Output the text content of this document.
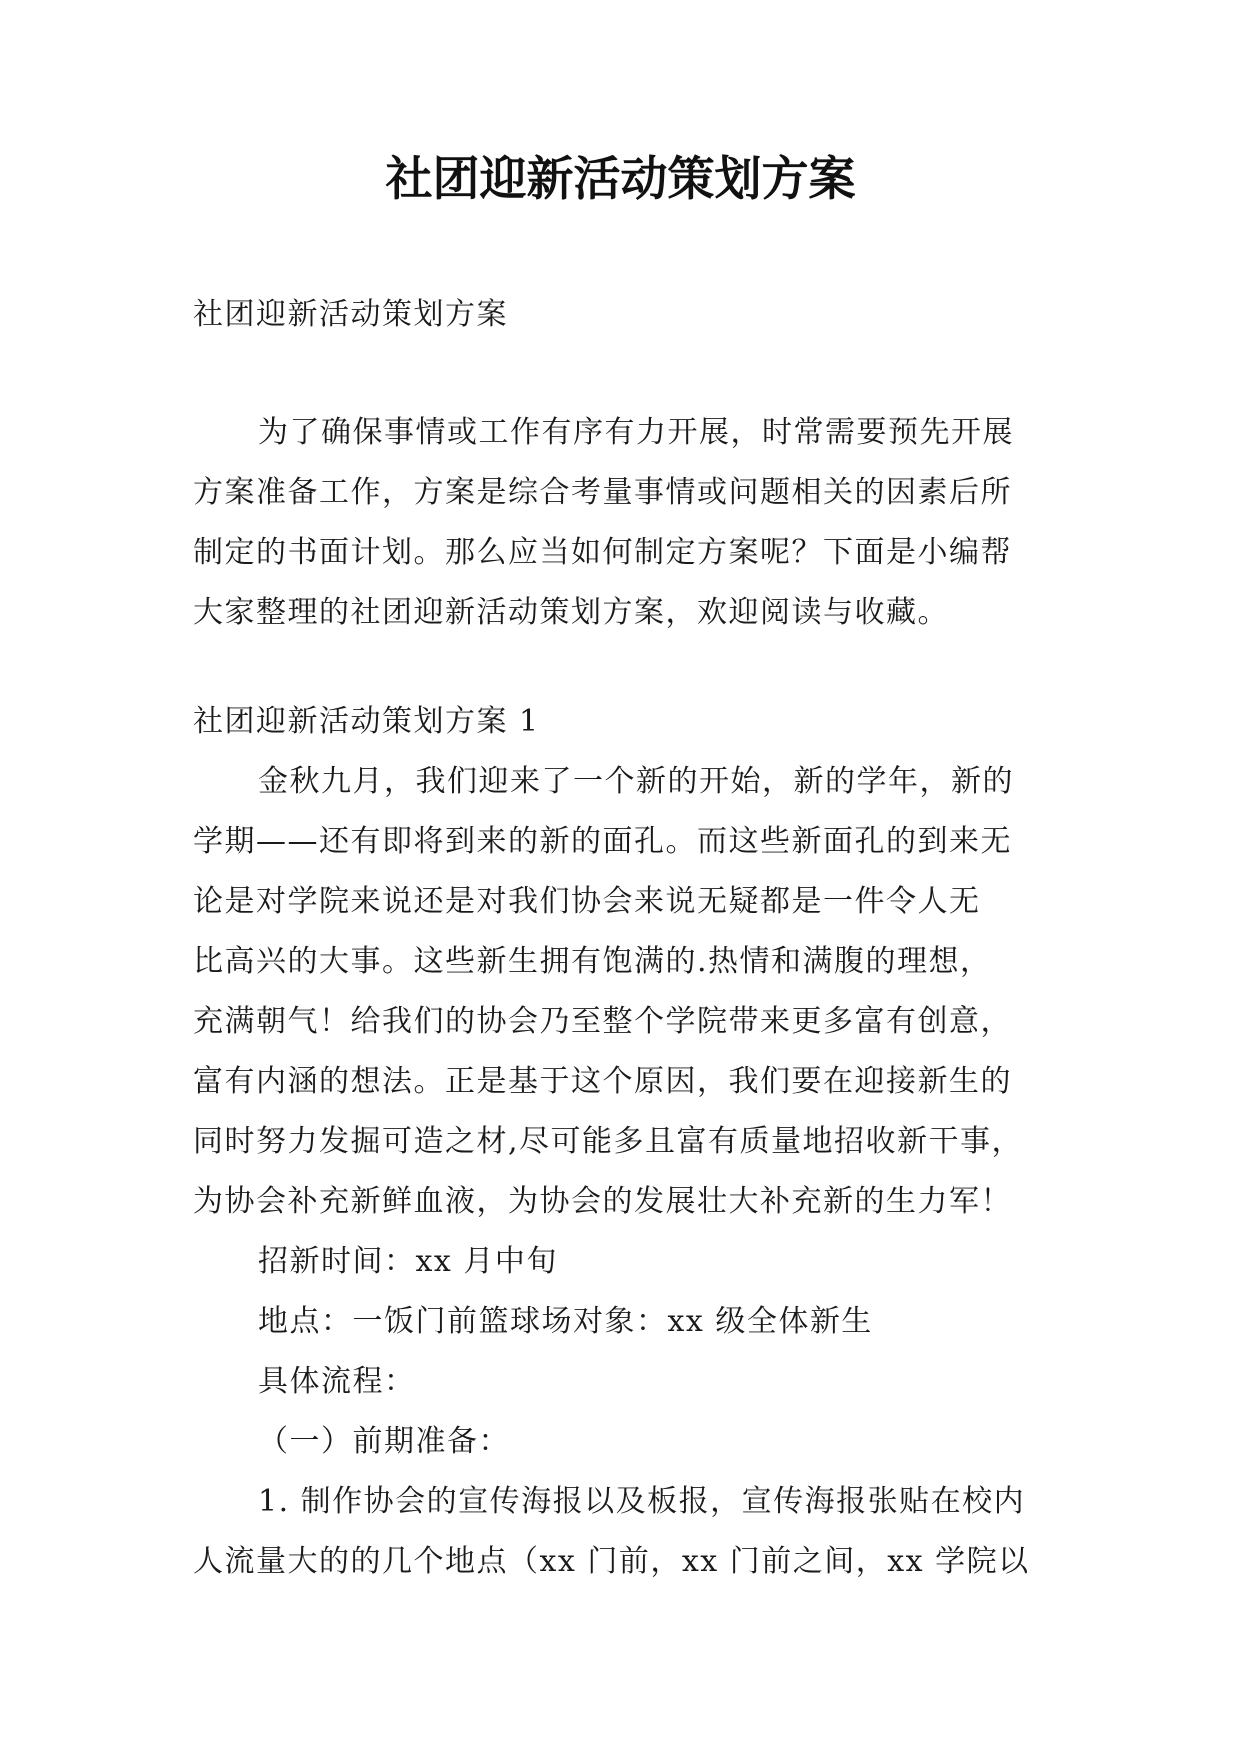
社团迎新活动策划方案
社团迎新活动策划方案
为了确保事情或工作有序有力开展，时常需要预先开展
方案准备工作，方案是综合考量事情或问题相关的因素后所
制定的书面计划。那么应当如何制定方案呢？下面是小编帮
大家整理的社团迎新活动策划方案，欢迎阅读与收藏。
社团迎新活动策划方案 1
金秋九月，我们迎来了一个新的开始，新的学年，新的
学期——还有即将到来的新的面孔。而这些新面孔的到来无
论是对学院来说还是对我们协会来说无疑都是一件令人无
比高兴的大事。这些新生拥有饱满的.热情和满腹的理想，
充满朝气！给我们的协会乃至整个学院带来更多富有创意，
富有内涵的想法。正是基于这个原因，我们要在迎接新生的
同时努力发掘可造之材,尽可能多且富有质量地招收新干事，
为协会补充新鲜血液，为协会的发展壮大补充新的生力军！
招新时间：xx 月中旬
地点：一饭门前篮球场对象：xx 级全体新生
具体流程：
（一）前期准备：
1. 制作协会的宣传海报以及板报，宣传海报张贴在校内
人流量大的的几个地点（xx 门前，xx 门前之间，xx 学院以
